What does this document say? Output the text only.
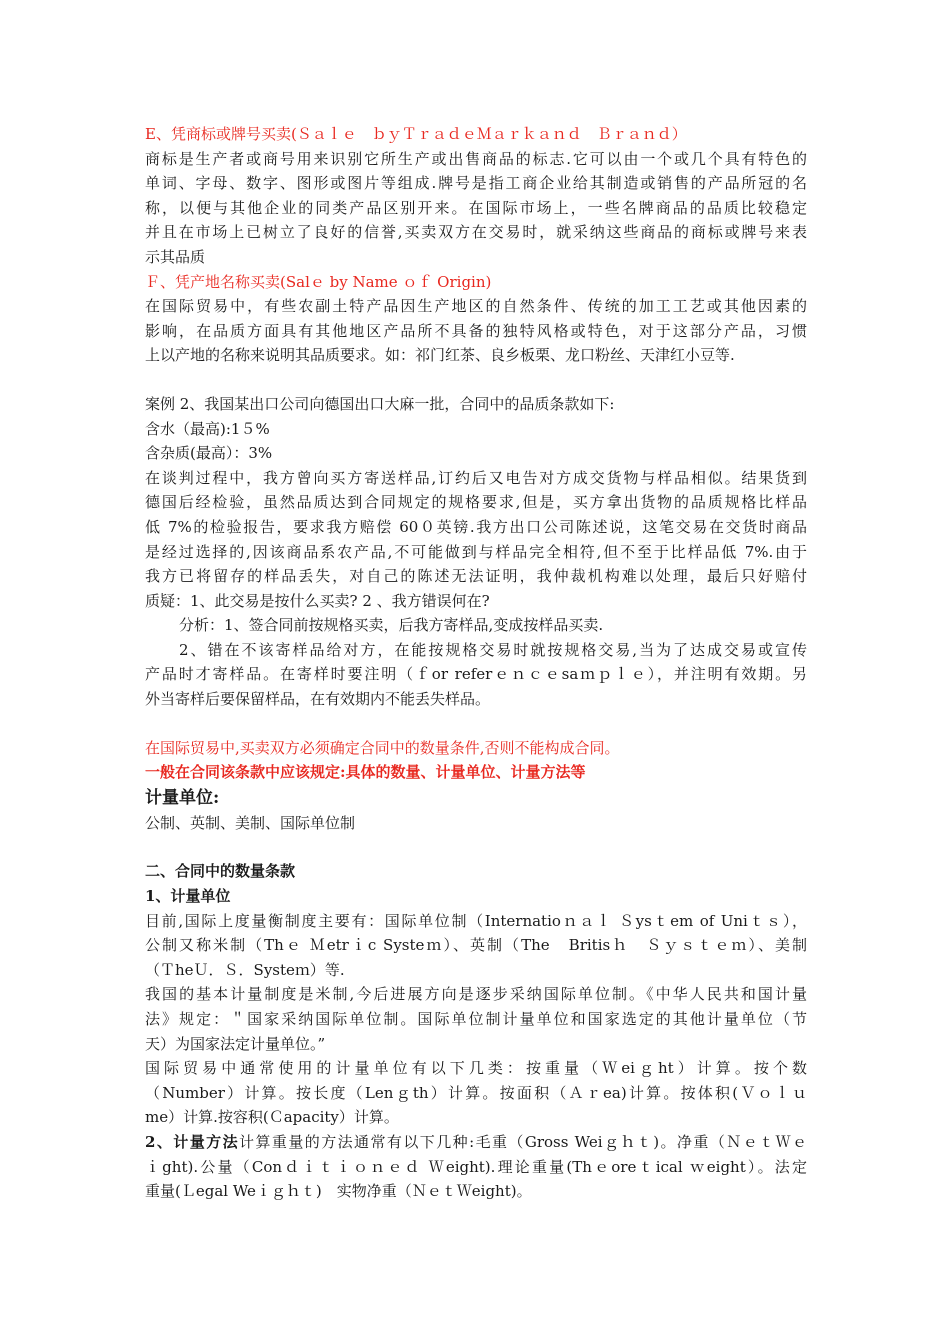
E、凭商标或牌号买卖(Ｓａｌｅ　ｂｙＴｒａｄｅＭａｒｋａｎｄ　Ｂｒａｎｄ）
商标是生产者或商号用来识别它所生产或出售商品的标志.它可以由一个或几个具有特色的
单词、字母、数字、图形或图片等组成.牌号是指工商企业给其制造或销售的产品所冠的名
称，以便与其他企业的同类产品区别开来。在国际市场上，一些名牌商品的品质比较稳定
并且在市场上已树立了良好的信誉,买卖双方在交易时，就采纳这些商品的商标或牌号来表
示其品质
Ｆ、凭产地名称买卖(Salｅ by Name ｏｆ Origin)
在国际贸易中，有些农副土特产品因生产地区的自然条件、传统的加工工艺或其他因素的
影响，在品质方面具有其他地区产品所不具备的独特风格或特色，对于这部分产品，习惯
上以产地的名称来说明其品质要求。如：祁门红茶、良乡板栗、龙口粉丝、天津红小豆等.
案例 2、我国某出口公司向德国出口大麻一批，合同中的品质条款如下:
含水（最高):1５%
含杂质(最高）：3%
在谈判过程中，我方曾向买方寄送样品,订约后又电告对方成交货物与样品相似。结果货到
德国后经检验，虽然品质达到合同规定的规格要求,但是，买方拿出货物的品质规格比样品
低 7%的检验报告，要求我方赔偿 60０英镑.我方出口公司陈述说，这笔交易在交货时商品
是经过选择的,因该商品系农产品,不可能做到与样品完全相符,但不至于比样品低 7%.由于
我方已将留存的样品丢失，对自己的陈述无法证明，我仲裁机构难以处理，最后只好赔付
质疑：1、此交易是按什么买卖? 2 、我方错误何在?
分析：1、签合同前按规格买卖，后我方寄样品,变成按样品买卖.
2、错在不该寄样品给对方，在能按规格交易时就按规格交易,当为了达成交易或宣传
产品时才寄样品。在寄样时要注明（ｆor referｅｎｃｅsaｍｐｌｅ），并注明有效期。另
外当寄样后要保留样品，在有效期内不能丢失样品。
在国际贸易中,买卖双方必须确定合同中的数量条件,否则不能构成合同。
一般在合同该条款中应该规定:具体的数量、计量单位、计量方法等
计量单位:
公制、英制、美制、国际单位制
二、合同中的数量条款
1、计量单位
目前,国际上度量衡制度主要有：国际单位制（Internatioｎａｌ Ｓysｔem of Uniｔｓ），
公制又称米制（Thｅ Ｍetrｉc Systeｍ）、英制（The　Britisｈ　Ｓｙｓｔｅｍ）、美制
（ＴheＵ．Ｓ．Systeｍ）等.
我国的基本计量制度是米制,今后进展方向是逐步采纳国际单位制。《中华人民共和国计量
法》规定：＂国家采纳国际单位制。国际单位制计量单位和国家选定的其他计量单位（节
天）为国家法定计量单位。”
国际贸易中通常使用的计量单位有以下几类：按重量（Ｗeiｇht）计算。按个数
（Number）计算。按长度（Lenｇth）计算。按面积（Ａｒea)计算。按体积(Ｖｏｌｕ
me）计算.按容积(Ｃapacity）计算。
2、计量方法计算重量的方法通常有以下几种:毛重（Gross Weiｇｈｔ)。净重（ＮｅｔＷｅ
ｉght).公量（Conｄｉｔｉｏｎｅｄ Ｗeight).理论重量(Thｅoreｔical ｗeight）。法定
重量(Ｌegal Weｉｇｈｔ)　实物净重（ＮｅｔＷeight)。
